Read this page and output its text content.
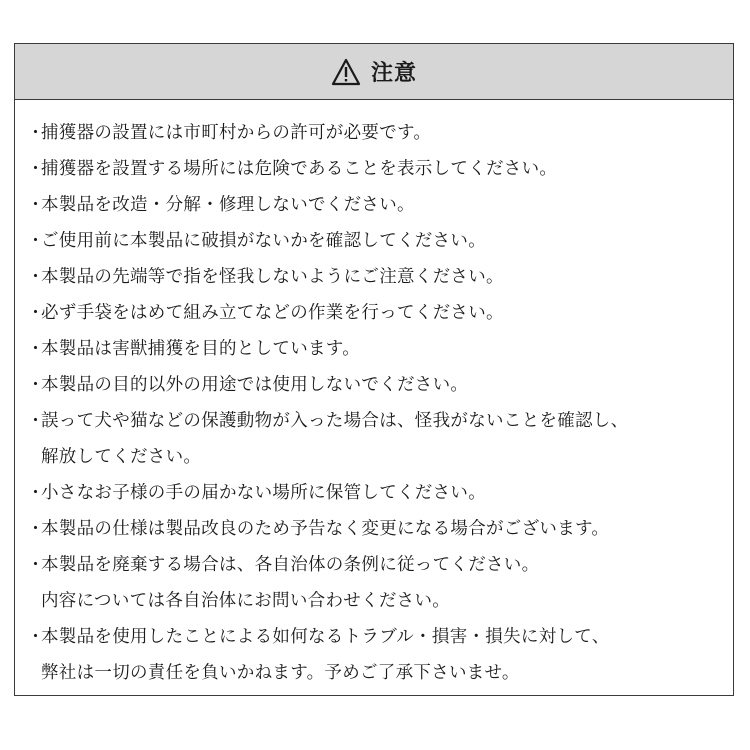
注意
・
捕獲器の設置には市町村からの許可が必要です。
・
捕獲器を設置する場所には危険であることを表示してください。
・
本製品を改造・分解・修理しないでください。
・
ご使用前に本製品に破損がないかを確認してください。
・
本製品の先端等で指を怪我しないようにご注意ください。
・
必ず手袋をはめて組み立てなどの作業を行ってください。
・
本製品は害獣捕獲を目的としています。
・
本製品の目的以外の用途では使用しないでください。
・
誤って犬や猫などの保護動物が入った場合は、怪我がないことを確認し、
解放してください。
・
小さなお子様の手の届かない場所に保管してください。
・
本製品の仕様は製品改良のため予告なく変更になる場合がございます。
・
本製品を廃棄する場合は、各自治体の条例に従ってください。
内容については各自治体にお問い合わせください。
・
本製品を使用したことによる如何なるトラブル・損害・損失に対して、
弊社は一切の責任を負いかねます。予めご了承下さいませ。
